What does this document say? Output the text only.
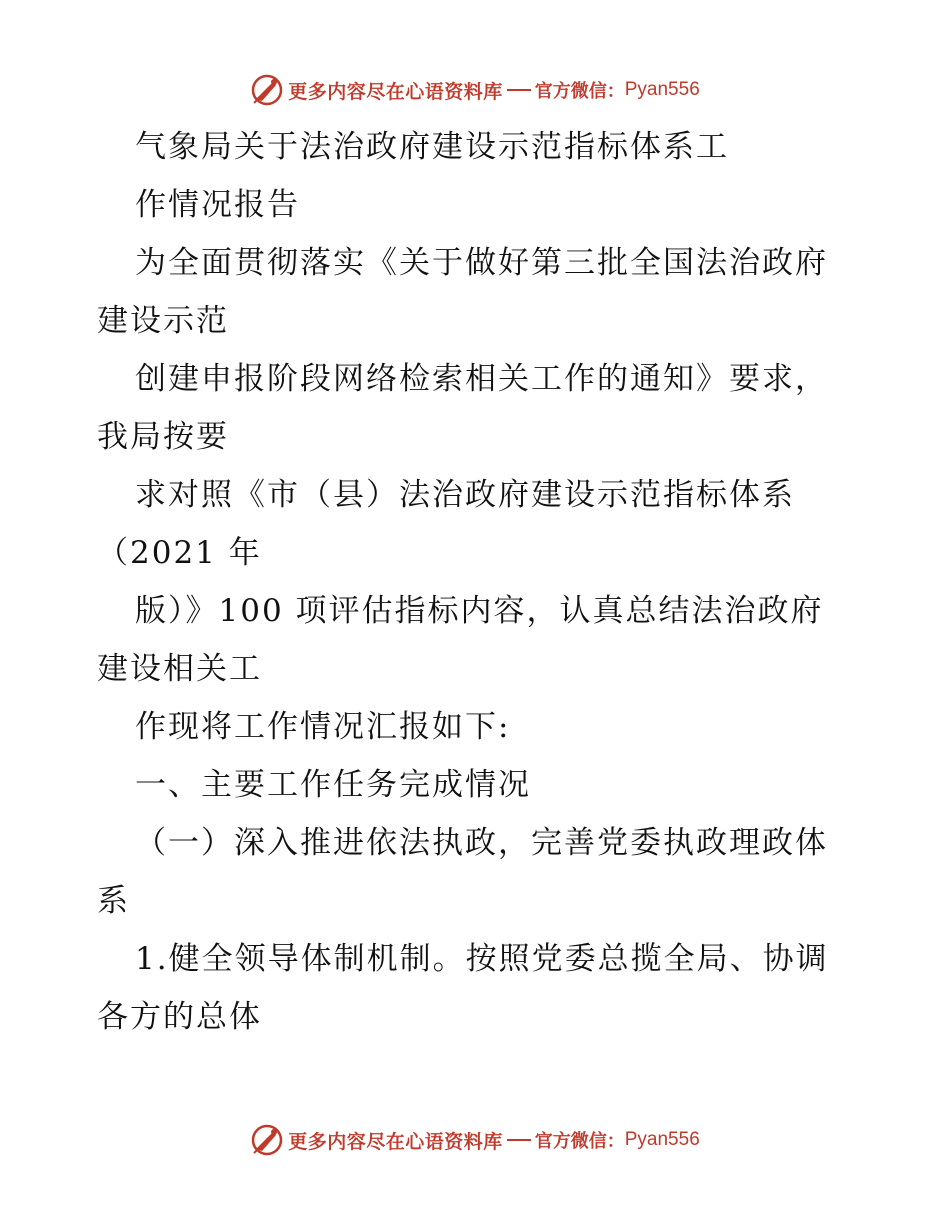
更多内容尽在心语资料库 官方微信： Pyan556
气象局关于法治政府建设示范指标体系工
作情况报告
为全面贯彻落实《关于做好第三批全国法治政府
建设示范
创建申报阶段网络检索相关工作的通知》要求，
我局按要
求对照《市（县）法治政府建设示范指标体系
（2021 年
版）》100 项评估指标内容，认真总结法治政府
建设相关工
作现将工作情况汇报如下:
一、主要工作任务完成情况
（一）深入推进依法执政，完善党委执政理政体
系
1.健全领导体制机制。按照党委总揽全局、协调
各方的总体
更多内容尽在心语资料库 官方微信： Pyan556
